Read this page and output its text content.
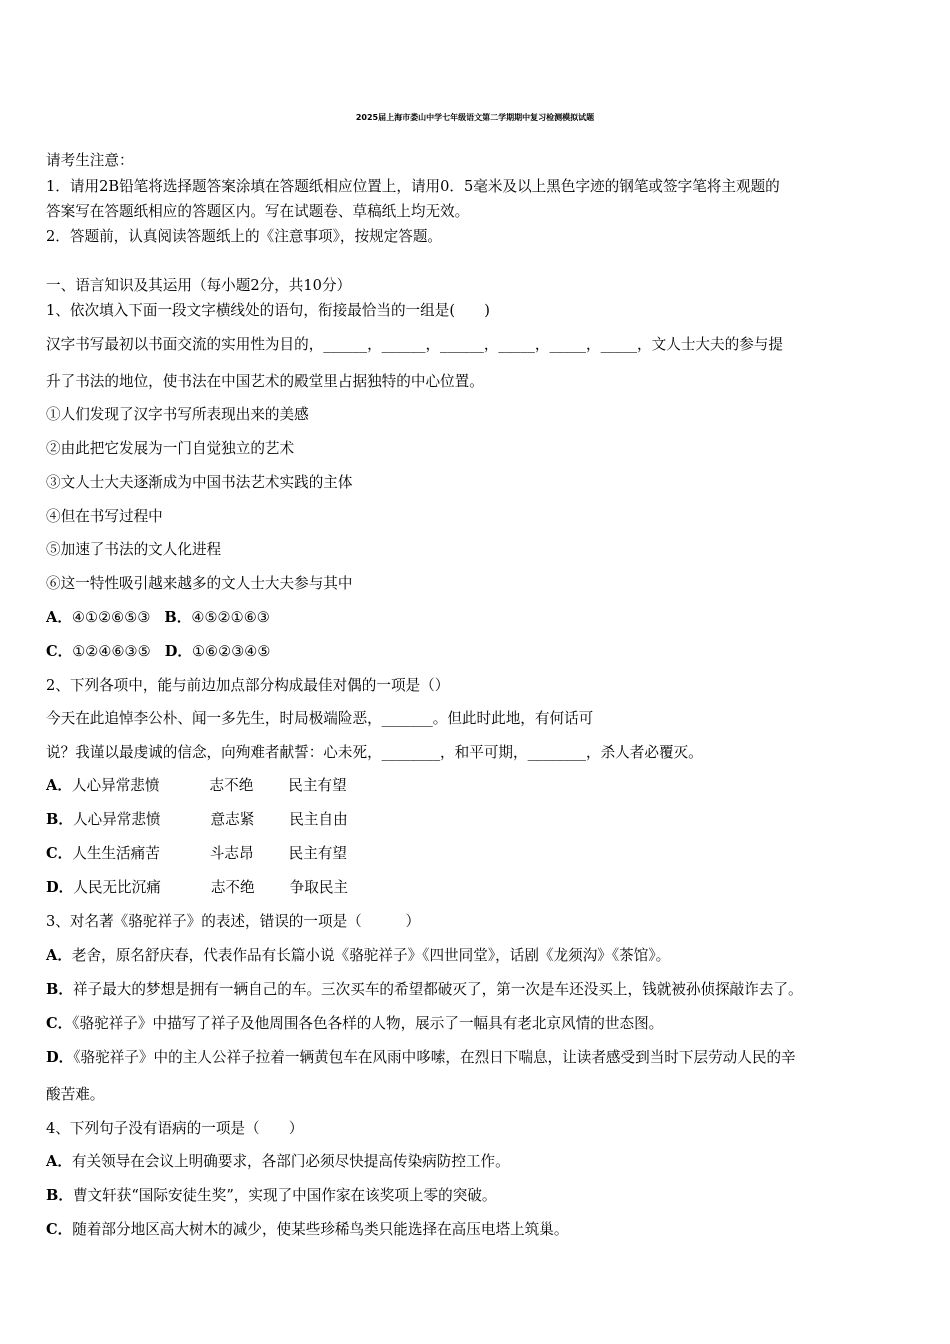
2025届上海市娄山中学七年级语文第二学期期中复习检测模拟试题
请考生注意：
1．请用2B铅笔将选择题答案涂填在答题纸相应位置上，请用0．5毫米及以上黑色字迹的钢笔或签字笔将主观题的
答案写在答题纸相应的答题区内。写在试题卷、草稿纸上均无效。
2．答题前，认真阅读答题纸上的《注意事项》，按规定答题。
一、语言知识及其运用（每小题2分，共10分）
1、依次填入下面一段文字横线处的语句，衔接最恰当的一组是(　　)
汉字书写最初以书面交流的实用性为目的，______，______，______，_____，_____，_____，文人士大夫的参与提
升了书法的地位，使书法在中国艺术的殿堂里占据独特的中心位置。
①人们发现了汉字书写所表现出来的美感
②由此把它发展为一门自觉独立的艺术
③文人士大夫逐渐成为中国书法艺术实践的主体
④但在书写过程中
⑤加速了书法的文人化进程
⑥这一特性吸引越来越多的文人士大夫参与其中
A．④①②⑥⑤③ B．④⑤②①⑥③
C．①②④⑥③⑤ D．①⑥②③④⑤
2、下列各项中，能与前边加点部分构成最佳对偶的一项是（）
今天在此追悼李公朴、闻一多先生，时局极端险恶，_______。但此时此地，有何话可
说？我谨以最虔诚的信念，向殉难者献誓：心未死，________，和平可期，________，杀人者必覆灭。
A．人心异常悲愤	志不绝 民主有望
B．人心异常悲愤	意志紧 民主自由
C．人生生活痛苦	斗志昂 民主有望
D．人民无比沉痛	志不绝 争取民主
3、对名著《骆驼祥子》的表述，错误的一项是（　　　）
A．老舍，原名舒庆春，代表作品有长篇小说《骆驼祥子》《四世同堂》，话剧《龙须沟》《茶馆》。
B．祥子最大的梦想是拥有一辆自己的车。三次买车的希望都破灭了，第一次是车还没买上，钱就被孙侦探敲诈去了。
C．《骆驼祥子》中描写了祥子及他周围各色各样的人物，展示了一幅具有老北京风情的世态图。
D．《骆驼祥子》中的主人公祥子拉着一辆黄包车在风雨中哆嗦，在烈日下喘息，让读者感受到当时下层劳动人民的辛
酸苦难。
4、下列句子没有语病的一项是（　　）
A．有关领导在会议上明确要求，各部门必须尽快提高传染病防控工作。
B．曹文轩获“国际安徒生奖”，实现了中国作家在该奖项上零的突破。
C．随着部分地区高大树木的减少，使某些珍稀鸟类只能选择在高压电塔上筑巢。
